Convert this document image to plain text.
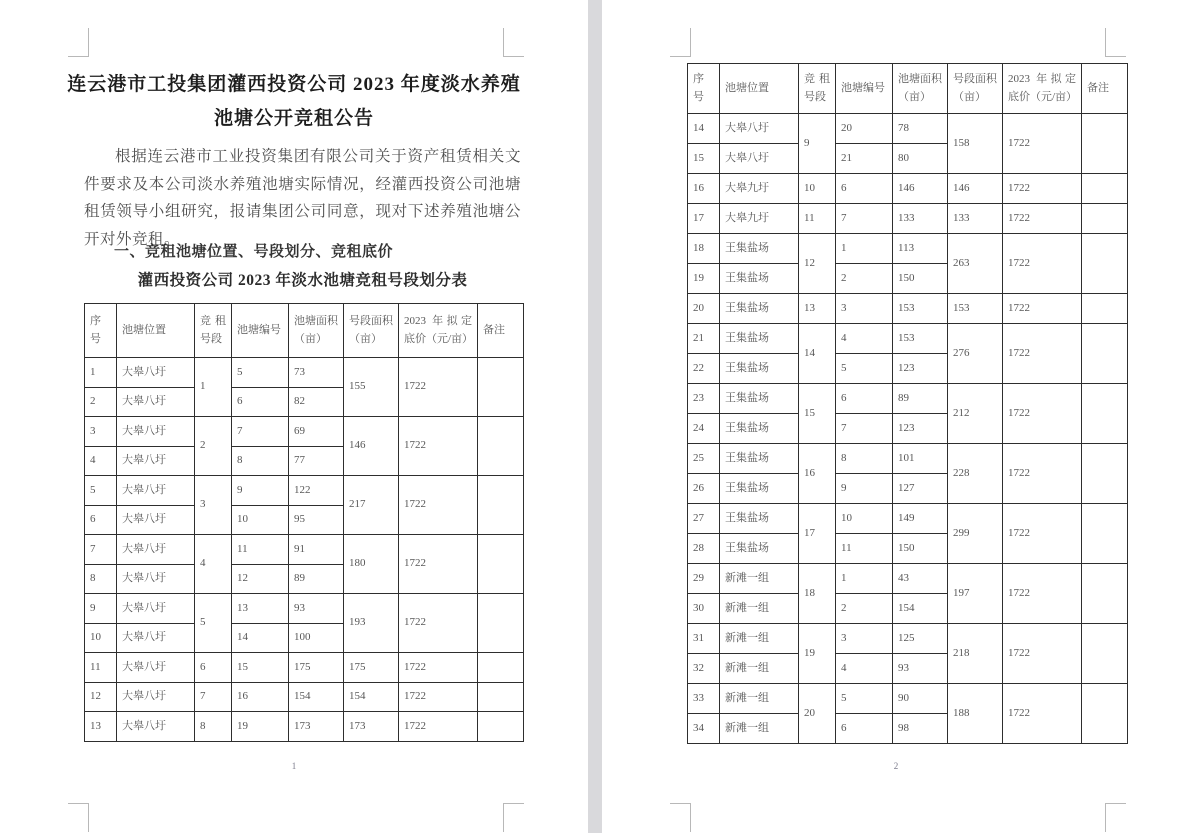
连云港市工投集团灌西投资公司 2023 年度淡水养殖
池塘公开竞租公告
根据连云港市工业投资集团有限公司关于资产租赁相关文件要求及本公司淡水养殖池塘实际情况，经灌西投资公司池塘租赁领导小组研究，报请集团公司同意，现对下述养殖池塘公开对外竞租。
一、竞租池塘位置、号段划分、竞租底价
灌西投资公司 2023 年淡水池塘竞租号段划分表
序号	池塘位置	竞租号段	池塘编号	池塘面积（亩）	号段面积（亩）	2023 年拟定底价（元/亩）	备注
1	大皋八圩	1	5	73	155	1722	
2	大皋八圩		6	82			
3	大皋八圩	2	7	69	146	1722	
4	大皋八圩		8	77			
5	大皋八圩	3	9	122	217	1722	
6	大皋八圩		10	95			
7	大皋八圩	4	11	91	180	1722	
8	大皋八圩		12	89			
9	大皋八圩	5	13	93	193	1722	
10	大皋八圩		14	100			
11	大皋八圩	6	15	175	175	1722	
12	大皋八圩	7	16	154	154	1722	
13	大皋八圩	8	19	173	173	1722	
1
序号	池塘位置	竞租号段	池塘编号	池塘面积（亩）	号段面积（亩）	2023 年拟定底价（元/亩）	备注
14	大皋八圩	9	20	78	158	1722	
15	大皋八圩		21	80			
16	大皋九圩	10	6	146	146	1722	
17	大皋九圩	11	7	133	133	1722	
18	王集盐场	12	1	113	263	1722	
19	王集盐场		2	150			
20	王集盐场	13	3	153	153	1722	
21	王集盐场	14	4	153	276	1722	
22	王集盐场		5	123			
23	王集盐场	15	6	89	212	1722	
24	王集盐场		7	123			
25	王集盐场	16	8	101	228	1722	
26	王集盐场		9	127			
27	王集盐场	17	10	149	299	1722	
28	王集盐场		11	150			
29	新滩一组	18	1	43	197	1722	
30	新滩一组		2	154			
31	新滩一组	19	3	125	218	1722	
32	新滩一组		4	93			
33	新滩一组	20	5	90	188	1722	
34	新滩一组		6	98			
2
